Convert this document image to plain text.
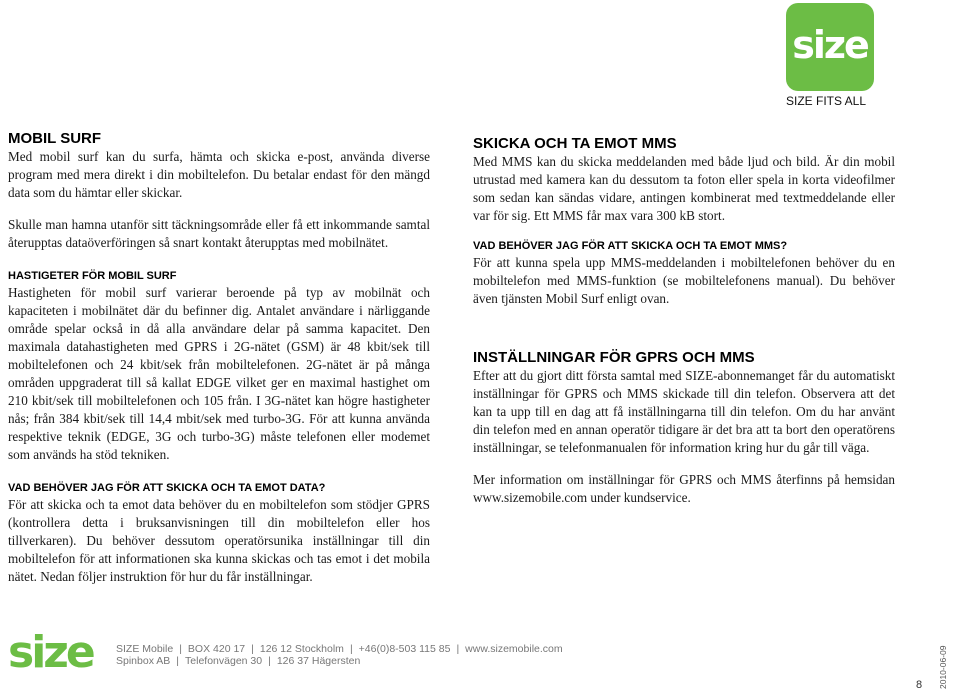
size
SIZE FITS ALL
MOBIL SURF

Med mobil surf kan du surfa, hämta och skicka e-post, använda diverse program med mera direkt i din mobiltelefon. Du betalar endast för den mängd data som du hämtar eller skickar.

Skulle man hamna utanför sitt täckningsområde eller få ett inkommande samtal återupptas dataöverföringen så snart kontakt återupptas med mobilnätet.

HASTIGETER FÖR MOBIL SURF

Hastigheten för mobil surf varierar beroende på typ av mobilnät och kapaciteten i mobilnätet där du befinner dig. Antalet användare i närliggande område spelar också in då alla användare delar på samma kapacitet. Den maximala datahastigheten med GPRS i 2G-nätet (GSM) är 48 kbit/sek till mobiltelefonen och 24 kbit/sek från mobiltelefonen. 2G-nätet är på många områden uppgraderat till så kallat EDGE vilket ger en maximal hastighet om 210 kbit/sek till mobiltelefonen och 105 från. I 3G-nätet kan högre hastigheter nås; från 384 kbit/sek till 14,4 mbit/sek med turbo-3G. För att kunna använda respektive teknik (EDGE, 3G och turbo-3G) måste telefonen eller modemet som används ha stöd tekniken.

VAD BEHÖVER JAG FÖR ATT SKICKA OCH TA EMOT DATA?

För att skicka och ta emot data behöver du en mobiltelefon som stödjer GPRS (kontrollera detta i bruksanvisningen till din mobiltelefon eller hos tillverkaren). Du behöver dessutom operatörsunika inställningar till din mobiltelefon för att informationen ska kunna skickas och tas emot i det mobila nätet. Nedan följer instruktion för hur du får inställningar.

SKICKA OCH TA EMOT MMS

Med MMS kan du skicka meddelanden med både ljud och bild. Är din mobil utrustad med kamera kan du dessutom ta foton eller spela in korta videofilmer som sedan kan sändas vidare, antingen kombinerat med textmeddelande eller var för sig. Ett MMS får max vara 300 kB stort.

VAD BEHÖVER JAG FÖR ATT SKICKA OCH TA EMOT MMS?

För att kunna spela upp MMS-meddelanden i mobiltelefonen behöver du en mobiltelefon med MMS-funktion (se mobiltelefonens manual). Du behöver även tjänsten Mobil Surf enligt ovan.

INSTÄLLNINGAR FÖR GPRS OCH MMS

Efter att du gjort ditt första samtal med SIZE-abonnemanget får du automatiskt inställningar för GPRS och MMS skickade till din telefon. Observera att det kan ta upp till en dag att få inställningarna till din telefon. Om du har använt din telefon med en annan operatör tidigare är det bra att ta bort den operatörens inställningar, se telefonmanualen för information kring hur du går till väga.

Mer information om inställningar för GPRS och MMS återfinns på hemsidan www.sizemobile.com under kundservice.

size SIZE Mobile | BOX 420 17 | 126 12 Stockholm | +46(0)8-503 115 85 | www.sizemobile.com
Spinbox AB | Telefonvägen 30 | 126 37 Hägersten
8 2010-06-09
